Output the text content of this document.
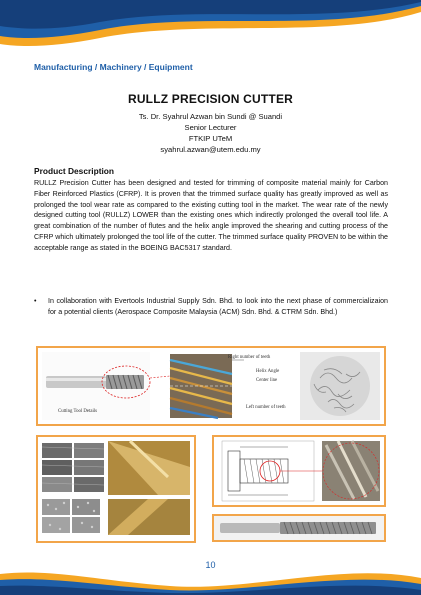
Manufacturing / Machinery / Equipment
RULLZ PRECISION CUTTER
Ts. Dr. Syahrul Azwan bin Sundi @ Suandi
Senior Lecturer
FTKIP UTeM
syahrul.azwan@utem.edu.my
Product Description
RULLZ Precision Cutter has been designed and tested for trimming of composite material mainly for Carbon Fiber Reinforced Plastics (CFRP). It is proven that the trimmed surface quality has greatly improved as well as prolonged the tool wear rate as compared to the existing cutting tool in the market. The wear rate of the newly designed cutting tool (RULLZ) LOWER than the existing ones which indirectly prolonged the overall tool life. A great combination of the number of flutes and the helix angle improved the shearing and cutting process of the CFRP which ultimately prolonged the tool life of the cutter. The trimmed surface quality PROVEN to be within the acceptable range as stated in the BOEING BAC5317 standard.
•	In collaboration with Evertools Industrial Supply Sdn. Bhd. to look into the next phase of commercializaion for a potential clients (Aerospace Composite Malaysia (ACM) Sdn. Bhd. & CTRM Sdn. Bhd.)
Cutting Tool Details
Right number of teeth
Helix Angle
Center line
Left number of teeth
10
